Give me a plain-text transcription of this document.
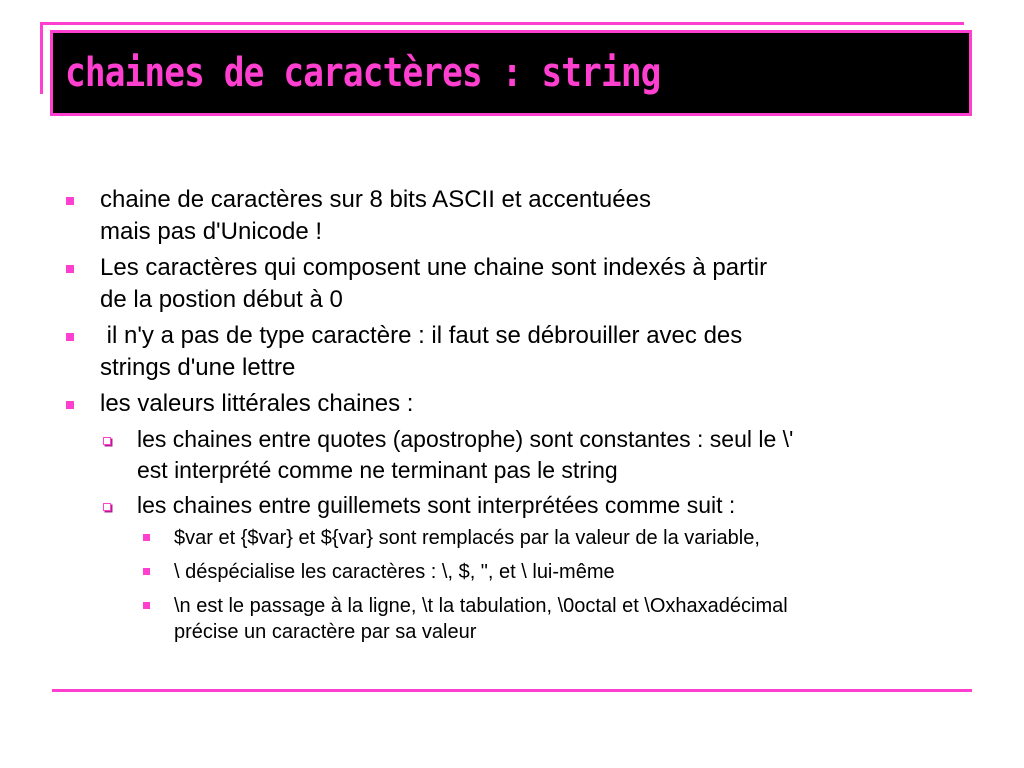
chaines de caractères : string
chaine de caractères sur 8 bits ASCII et accentuées
mais pas d'Unicode !
Les caractères qui composent une chaine sont indexés à partir
de la postion début à 0
il n'y a pas de type caractère : il faut se débrouiller avec des
strings d'une lettre
les valeurs littérales chaines :
les chaines entre quotes (apostrophe) sont constantes : seul le \'
est interprété comme ne terminant pas le string
les chaines entre guillemets sont interprétées comme suit :
$var et {$var} et ${var} sont remplacés par la valeur de la variable,
\ déspécialise les caractères : \, $, ", et \ lui-même
\n est le passage à la ligne, \t la tabulation, \0octal et \Oxhaxadécimal
précise un caractère par sa valeur
